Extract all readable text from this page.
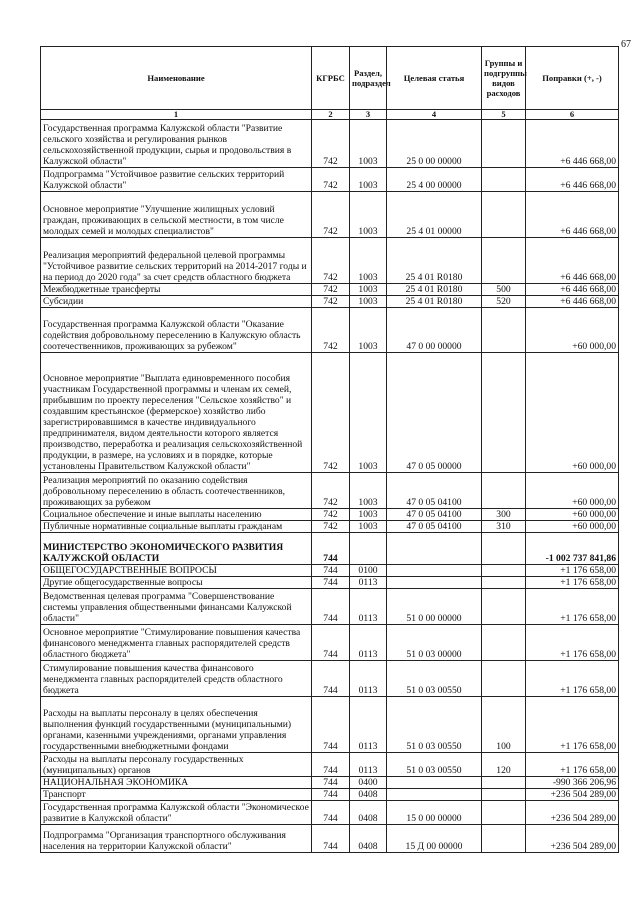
67
Наименование	КГРБС	Раздел, подраздел	Целевая статья	Группы и подгруппы видов расходов	Поправки (+, -)
1	2	3	4	5	6
Государственная программа Калужской области "Развитие сельского хозяйства и регулирования рынков сельскохозяйственной продукции, сырья и продовольствия в Калужской области"	742	1003	25 0 00 00000		+6 446 668,00
Подпрограмма "Устойчивое развитие сельских территорий Калужской области"	742	1003	25 4 00 00000		+6 446 668,00
Основное мероприятие "Улучшение жилищных условий граждан, проживающих в сельской местности, в том числе молодых семей и молодых специалистов"	742	1003	25 4 01 00000		+6 446 668,00
Реализация мероприятий федеральной целевой программы "Устойчивое развитие сельских территорий на 2014-2017 годы и на период до 2020 года" за счет средств областного бюджета	742	1003	25 4 01 R0180		+6 446 668,00
Межбюджетные трансферты	742	1003	25 4 01 R0180	500	+6 446 668,00
Субсидии	742	1003	25 4 01 R0180	520	+6 446 668,00
Государственная программа Калужской области "Оказание содействия добровольному переселению в Калужскую область соотечественников, проживающих за рубежом"	742	1003	47 0 00 00000		+60 000,00
Основное мероприятие "Выплата единовременного пособия участникам Государственной программы и членам их семей, прибывшим по проекту переселения "Сельское хозяйство" и создавшим крестьянское (фермерское) хозяйство либо зарегистрировавшимся в качестве индивидуального предпринимателя, видом деятельности которого является производство, переработка и реализация сельскохозяйственной продукции, в размере, на условиях и в порядке, которые установлены Правительством Калужской области"	742	1003	47 0 05 00000		+60 000,00
Реализация мероприятий по оказанию содействия добровольному переселению в область соотечественников, проживающих за рубежом	742	1003	47 0 05 04100		+60 000,00
Социальное обеспечение и иные выплаты населению	742	1003	47 0 05 04100	300	+60 000,00
Публичные нормативные социальные выплаты гражданам	742	1003	47 0 05 04100	310	+60 000,00
МИНИСТЕРСТВО ЭКОНОМИЧЕСКОГО РАЗВИТИЯ КАЛУЖСКОЙ ОБЛАСТИ	744				-1 002 737 841,86
ОБЩЕГОСУДАРСТВЕННЫЕ ВОПРОСЫ	744	0100			+1 176 658,00
Другие общегосударственные вопросы	744	0113			+1 176 658,00
Ведомственная целевая программа "Совершенствование системы управления общественными финансами Калужской области"	744	0113	51 0 00 00000		+1 176 658,00
Основное мероприятие "Стимулирование повышения качества финансового менеджмента главных распорядителей средств областного бюджета"	744	0113	51 0 03 00000		+1 176 658,00
Стимулирование повышения качества финансового менеджмента главных распорядителей средств областного бюджета	744	0113	51 0 03 00550		+1 176 658,00
Расходы на выплаты персоналу в целях обеспечения выполнения функций государственными (муниципальными) органами, казенными учреждениями, органами управления государственными внебюджетными фондами	744	0113	51 0 03 00550	100	+1 176 658,00
Расходы на выплаты персоналу государственных (муниципальных) органов	744	0113	51 0 03 00550	120	+1 176 658,00
НАЦИОНАЛЬНАЯ ЭКОНОМИКА	744	0400			-990 366 206,96
Транспорт	744	0408			+236 504 289,00
Государственная программа Калужской области "Экономическое развитие в Калужской области"	744	0408	15 0 00 00000		+236 504 289,00
Подпрограмма "Организация транспортного обслуживания населения на территории Калужской области"	744	0408	15 Д 00 00000		+236 504 289,00
